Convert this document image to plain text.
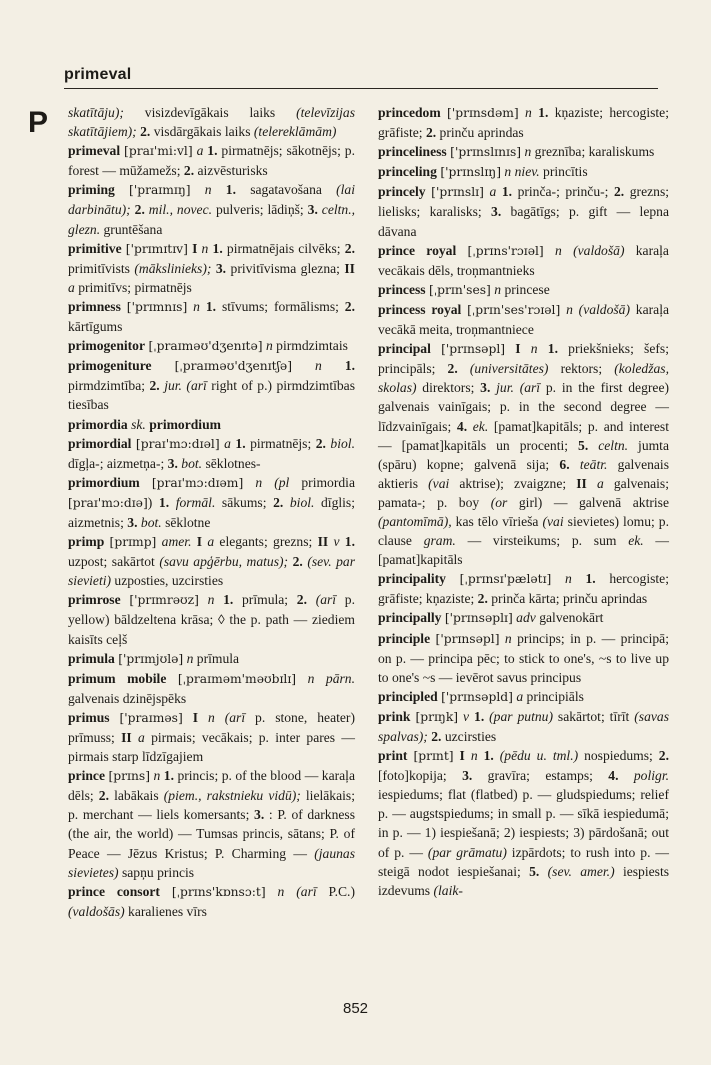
primeval
P skatītāju); visizdevīgākais laiks (televīzijas skatītājiem); 2. visdārgākais laiks (telereklāmām)
primeval [praɪ'mi:vl] a 1. pirmatnējs; sākotnējs; p. forest — mūžamežs; 2. aizvēsturisks
priming ['praɪmɪŋ] n 1. sagatavošana (lai darbinātu); 2. mil., novec. pulveris; lādiņš; 3. celtn., glezn. gruntēšana
primitive ['prɪmɪtɪv] I n 1. pirmatnējais cilvēks; 2. primitīvists (mākslinieks); 3. privitīvisma glezna; II a primitīvs; pirmatnējs
primness ['prɪmnɪs] n 1. stīvums; formālisms; 2. kārtīgums
primogenitor [ˌpraɪməʊ'dʒenɪtə] n pirmdzimtais
primogeniture [ˌpraɪməʊ'dʒenɪtʃə] n 1. pirmdzimtība; 2. jur. (arī right of p.) pirmdzimtības tiesības
primordia sk. primordium
primordial [praɪ'mɔ:dɪəl] a 1. pirmatnējs; 2. biol. dīgļa-; aizmetņa-; 3. bot. sēklotnes-
primordium [praɪ'mɔ:dɪəm] n (pl primordia [praɪ'mɔ:dɪə]) 1. formāl. sākums; 2. biol. dīglis; aizmetnis; 3. bot. sēklotne
primp [prɪmp] amer. I a elegants; grezns; II v 1. uzpost; sakārtot (savu apģērbu, matus); 2. (sev. par sievieti) uzposties, uzcirsties
primrose ['prɪmrəʊz] n 1. prīmula; 2. (arī p. yellow) bāldzeltena krāsa; ◊ the p. path — ziediem kaisīts ceļš
primula ['prɪmjʊlə] n prīmula
primum mobile [ˌpraɪməm'məʊbɪlɪ] n pārn. galvenais dzinējspēks
primus ['praɪməs] I n (arī p. stone, heater) prīmuss; II a pirmais; vecākais; p. inter pares — pirmais starp līdzīgajiem
prince [prɪns] n 1. princis; p. of the blood — karaļa dēls; 2. labākais (piem., rakstnieku vidū); lielākais; p. merchant — liels komersants; 3. : P. of darkness (the air, the world) — Tumsas princis, sātans; P. of Peace — Jēzus Kristus; P. Charming — (jaunas sievietes) sapņu princis
prince consort [ˌprɪns'kɒnsɔ:t] n (arī P.C.) (valdošās) karalienes vīrs
princedom ['prɪnsdəm] n 1. kņaziste; hercogiste; grāfiste; 2. prinču aprindas
princeliness ['prɪnslɪnɪs] n greznība; karaliskums
princeling ['prɪnslɪŋ] n niev. princītis
princely ['prɪnslɪ] a 1. prinča-; prinču-; 2. grezns; lielisks; karalisks; 3. bagātīgs; p. gift — lepna dāvana
prince royal [ˌprɪns'rɔɪəl] n (valdošā) karaļa vecākais dēls, troņmantnieks
princess [ˌprɪn'ses] n princese
princess royal [ˌprɪn'ses'rɔɪəl] n (valdošā) karaļa vecākā meita, troņmantniece
principal ['prɪnsəpl] I n 1. priekšnieks; šefs; principāls; 2. (universitātes) rektors; (koledžas, skolas) direktors; 3. jur. (arī p. in the first degree) galvenais vainīgais; p. in the second degree — līdzvainīgais; 4. ek. [pamat]kapitāls; p. and interest — [pamat]kapitāls un procenti; 5. celtn. jumta (spāru) kopne; galvenā sija; 6. teātr. galvenais aktieris (vai aktrise); zvaigzne; II a galvenais; pamata-; p. boy (or girl) — galvenā aktrise (pantomīmā), kas tēlo vīrieša (vai sievietes) lomu; p. clause gram. — virsteikums; p. sum ek. — [pamat]kapitāls
principality [ˌprɪnsɪ'pælətɪ] n 1. hercogiste; grāfiste; kņaziste; 2. prinča kārta; prinču aprindas
principally ['prɪnsəplɪ] adv galvenokārt
principle ['prɪnsəpl] n princips; in p. — principā; on p. — principa pēc; to stick to one's, ~s to live up to one's ~s — ievērot savus principus
principled ['prɪnsəpld] a principiāls
prink [prɪŋk] v 1. (par putnu) sakārtot; tīrīt (savas spalvas); 2. uzcirsties
print [prɪnt] I n 1. (pēdu u. tml.) nospiedums; 2. [foto]kopija; 3. gravīra; estamps; 4. poligr. iespiedums; flat (flatbed) p. — gludspiedums; relief p. — augstspiedums; in small p. — sīkā iespiedumā; in p. — 1) iespiešanā; 2) iespiests; 3) pārdošanā; out of p. — (par grāmatu) izpārdots; to rush into p. — steigā nodot iespiešanai; 5. (sev. amer.) iespiests izdevums (laik-
852
